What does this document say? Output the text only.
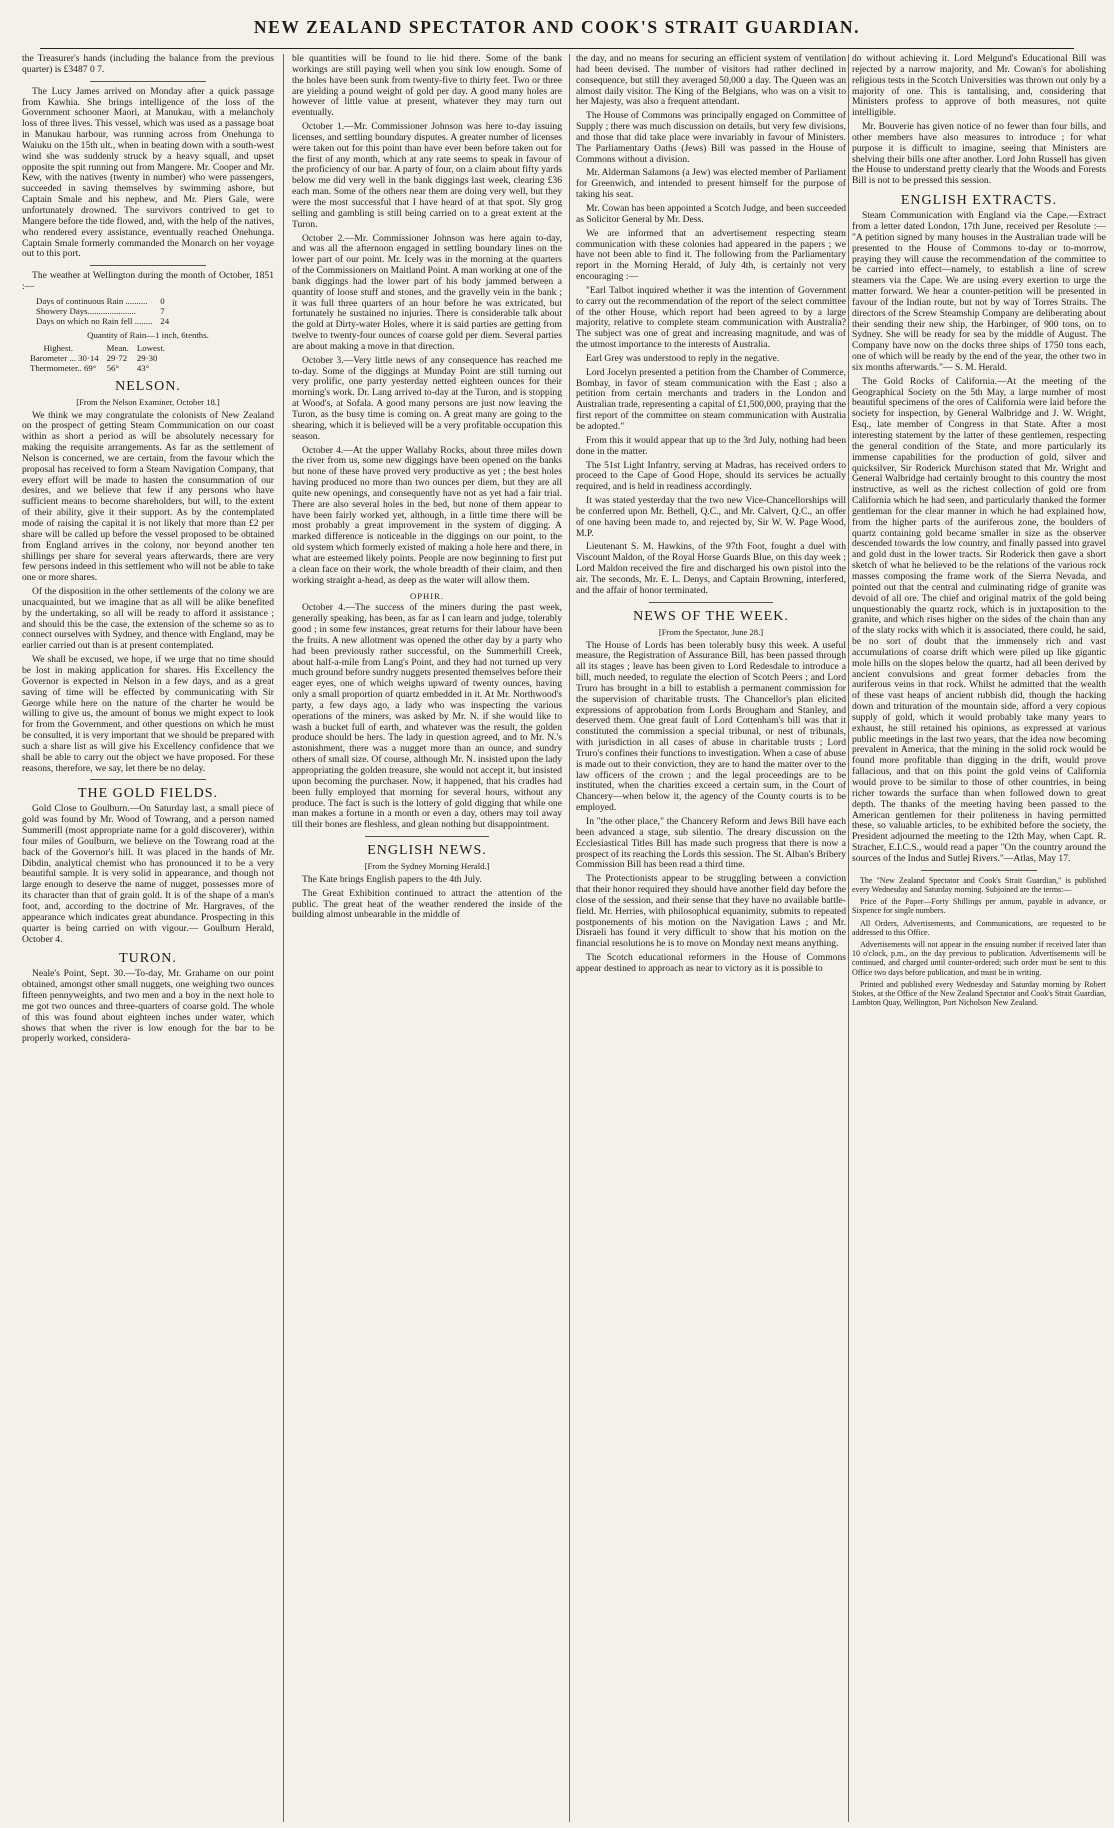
NEW ZEALAND SPECTATOR AND COOK'S STRAIT GUARDIAN.

the Treasurer's hands (including the balance from the previous quarter) is £3487 0 7.

The Lucy James arrived on Monday after a quick passage from Kawhia. She brings intelligence of the loss of the Government schooner Maori, at Manukau, with a melancholy loss of three lives. This vessel, which was used as a passage boat in Manukau harbour, was running across from Onehunga to Waiuku on the 15th ult., when in beating down with a south-west wind she was suddenly struck by a heavy squall, and upset opposite the spit running out from Mangere. Mr. Cooper and Mr. Kew, with the natives (twenty in number) who were passengers, succeeded in saving themselves by swimming ashore, but Captain Smale and his nephew, and Mr. Piers Gale, were unfortunately drowned. The survivors contrived to get to Mangere before the tide flowed, and, with the help of the natives, who rendered every assistance, eventually reached Onehunga. Captain Smale formerly commanded the Monarch on her voyage out to this port.

The weather at Wellington during the month of October, 1851 :—

Days of continuous Rain ..........	0
Showery Days......................	7
Days on which no Rain fell ........	24
Quantity of Rain—1 inch, 6tenths.
	Highest.	Mean.	Lowest.
Barometer ... 30·14		29·72	29·30
Thermometer.. 69°		56°	43°
NELSON.
[From the Nelson Examiner, October 18.]

We think we may congratulate the colonists of New Zealand on the prospect of getting Steam Communication on our coast within as short a period as will be absolutely necessary for making the requisite arrangements. As far as the settlement of Nelson is concerned, we are certain, from the favour which the proposal has received to form a Steam Navigation Company, that every effort will be made to hasten the consummation of our desires, and we believe that few if any persons who have sufficient means to become shareholders, but will, to the extent of their ability, give it their support. As by the contemplated mode of raising the capital it is not likely that more than £2 per share will be called up before the vessel proposed to be obtained from England arrives in the colony, nor beyond another ten shillings per share for several years afterwards, there are very few persons indeed in this settlement who will not be able to take one or more shares.

Of the disposition in the other settlements of the colony we are unacquainted, but we imagine that as all will be alike benefited by the undertaking, so all will be ready to afford it assistance ; and should this be the case, the extension of the scheme so as to connect ourselves with Sydney, and thence with England, may be earlier carried out than is at present contemplated.

We shall be excused, we hope, if we urge that no time should be lost in making application for shares. His Excellency the Governor is expected in Nelson in a few days, and as a great saving of time will be effected by communicating with Sir George while here on the nature of the charter he would be willing to give us, the amount of bonus we might expect to look for from the Government, and other questions on which he must be consulted, it is very important that we should be prepared with such a share list as will give his Excellency confidence that we shall be able to carry out the object we have proposed. For these reasons, therefore, we say, let there be no delay.

THE GOLD FIELDS.

Gold Close to Goulburn.—On Saturday last, a small piece of gold was found by Mr. Wood of Towrang, and a person named Summerill (most appropriate name for a gold discoverer), within four miles of Goulburn, we believe on the Towrang road at the back of the Governor's hill. It was placed in the hands of Mr. Dibdin, analytical chemist who has pronounced it to be a very beautiful sample. It is very solid in appearance, and though not large enough to deserve the name of nugget, possesses more of its character than that of grain gold. It is of the shape of a man's foot, and, according to the doctrine of Mr. Hargraves, of the appearance which indicates great abundance. Prospecting in this quarter is being carried on with vigour.— Goulburn Herald, October 4.

TURON.

Neale's Point, Sept. 30.—To-day, Mr. Grahame on our point obtained, amongst other small nuggets, one weighing two ounces fifteen pennyweights, and two men and a boy in the next hole to me got two ounces and three-quarters of coarse gold. The whole of this was found about eighteen inches under water, which shows that when the river is low enough for the bar to be properly worked, considera-

ble quantities will be found to lie hid there. Some of the bank workings are still paying well when you sink low enough. Some of the holes have been sunk from twenty-five to thirty feet. Two or three are yielding a pound weight of gold per day. A good many holes are however of little value at present, whatever they may turn out eventually.

October 1.—Mr. Commissioner Johnson was here to-day issuing licenses, and settling boundary disputes. A greater number of licenses were taken out for this point than have ever been before taken out for the first of any month, which at any rate seems to speak in favour of the proficiency of our bar. A party of four, on a claim about fifty yards below me did very well in the bank diggings last week, clearing £36 each man. Some of the others near them are doing very well, but they were the most successful that I have heard of at that spot. Sly grog selling and gambling is still being carried on to a great extent at the Turon.

October 2.—Mr. Commissioner Johnson was here again to-day, and was all the afternoon engaged in settling boundary lines on the lower part of our point. Mr. Icely was in the morning at the quarters of the Commissioners on Maitland Point. A man working at one of the bank diggings had the lower part of his body jammed between a quantity of loose stuff and stones, and the gravelly vein in the bank ; it was full three quarters of an hour before he was extricated, but fortunately he sustained no injuries. There is considerable talk about the gold at Dirty-water Holes, where it is said parties are getting from twelve to twenty-four ounces of coarse gold per diem. Several parties are about making a move in that direction.

October 3.—Very little news of any consequence has reached me to-day. Some of the diggings at Munday Point are still turning out very prolific, one party yesterday netted eighteen ounces for their morning's work. Dr. Lang arrived to-day at the Turon, and is stopping at Wood's, at Sofala. A good many persons are just now leaving the Turon, as the busy time is coming on. A great many are going to the shearing, which it is believed will be a very profitable occupation this season.

October 4.—At the upper Wallaby Rocks, about three miles down the river from us, some new diggings have been opened on the banks but none of these have proved very productive as yet ; the best holes having produced no more than two ounces per diem, but they are all quite new openings, and consequently have not as yet had a fair trial. There are also several holes in the bed, but none of them appear to have been fairly worked yet, although, in a little time there will be most probably a great improvement in the system of digging. A marked difference is noticeable in the diggings on our point, to the old system which formerly existed of making a hole here and there, in what are esteemed likely points. People are now beginning to first put a clean face on their work, the whole breadth of their claim, and then working straight a-head, as deep as the water will allow them.

OPHIR.

October 4.—The success of the miners during the past week, generally speaking, has been, as far as I can learn and judge, tolerably good ; in some few instances, great returns for their labour have been the fruits. A new allotment was opened the other day by a party who had been previously rather successful, on the Summerhill Creek, about half-a-mile from Lang's Point, and they had not turned up very much ground before sundry nuggets presented themselves before their eager eyes, one of which weighs upward of twenty ounces, having only a small proportion of quartz embedded in it. At Mr. Northwood's party, a few days ago, a lady who was inspecting the various operations of the miners, was asked by Mr. N. if she would like to wash a bucket full of earth, and whatever was the result, the golden produce should be hers. The lady in question agreed, and to Mr. N.'s astonishment, there was a nugget more than an ounce, and sundry others of small size. Of course, although Mr. N. insisted upon the lady appropriating the golden treasure, she would not accept it, but insisted upon becoming the purchaser. Now, it happened, that his cradles had been fully employed that morning for several hours, without any produce. The fact is such is the lottery of gold digging that while one man makes a fortune in a month or even a day, others may toil away till their bones are fleshless, and glean nothing but disappointment.

ENGLISH NEWS.
[From the Sydney Morning Herald.]

The Kate brings English papers to the 4th July.

The Great Exhibition continued to attract the attention of the public. The great heat of the weather rendered the inside of the building almost unbearable in the middle of

the day, and no means for securing an efficient system of ventilation had been devised. The number of visitors had rather declined in consequence, but still they averaged 50,000 a day. The Queen was an almost daily visitor. The King of the Belgians, who was on a visit to her Majesty, was also a frequent attendant.

The House of Commons was principally engaged on Committee of Supply ; there was much discussion on details, but very few divisions, and those that did take place were invariably in favour of Ministers. The Parliamentary Oaths (Jews) Bill was passed in the House of Commons without a division.

Mr. Alderman Salamons (a Jew) was elected member of Parliament for Greenwich, and intended to present himself for the purpose of taking his seat.

Mr. Cowan has been appointed a Scotch Judge, and been succeeded as Solicitor General by Mr. Dess.

We are informed that an advertisement respecting steam communication with these colonies had appeared in the papers ; we have not been able to find it. The following from the Parliamentary report in the Morning Herald, of July 4th, is certainly not very encouraging :—

"Earl Talbot inquired whether it was the intention of Government to carry out the recommendation of the report of the select committee of the other House, which report had been agreed to by a large majority, relative to complete steam communication with Australia? The subject was one of great and increasing magnitude, and was of the utmost importance to the interests of Australia.

Earl Grey was understood to reply in the negative.

Lord Jocelyn presented a petition from the Chamber of Commerce, Bombay, in favor of steam communication with the East ; also a petition from certain merchants and traders in the London and Australian trade, representing a capital of £1,500,000, praying that the first report of the committee on steam communication with Australia be adopted."

From this it would appear that up to the 3rd July, nothing had been done in the matter.

The 51st Light Infantry, serving at Madras, has received orders to proceed to the Cape of Good Hope, should its services be actually required, and is held in readiness accordingly.

It was stated yesterday that the two new Vice-Chancellorships will be conferred upon Mr. Bethell, Q.C., and Mr. Calvert, Q.C., an offer of one having been made to, and rejected by, Sir W. W. Page Wood, M.P.

Lieutenant S. M. Hawkins, of the 97th Foot, fought a duel with Viscount Maldon, of the Royal Horse Guards Blue, on this day week ; Lord Maldon received the fire and discharged his own pistol into the air. The seconds, Mr. E. L. Denys, and Captain Browning, interfered, and the affair of honor terminated.

NEWS OF THE WEEK.
[From the Spectator, June 28.]

The House of Lords has been tolerably busy this week. A useful measure, the Registration of Assurance Bill, has been passed through all its stages ; leave has been given to Lord Redesdale to introduce a bill, much needed, to regulate the election of Scotch Peers ; and Lord Truro has brought in a bill to establish a permanent commission for the supervision of charitable trusts. The Chancellor's plan elicited expressions of approbation from Lords Brougham and Stanley, and deserved them. One great fault of Lord Cottenham's bill was that it constituted the commission a special tribunal, or nest of tribunals, with jurisdiction in all cases of abuse in charitable trusts ; Lord Truro's confines their functions to investigation. When a case of abuse is made out to their conviction, they are to hand the matter over to the law officers of the crown ; and the legal proceedings are to be instituted, when the charities exceed a certain sum, in the Court of Chancery—when below it, the agency of the County courts is to be employed.

In "the other place," the Chancery Reform and Jews Bill have each been advanced a stage, sub silentio. The dreary discussion on the Ecclesiastical Titles Bill has made such progress that there is now a prospect of its reaching the Lords this session. The St. Alban's Bribery Commission Bill has been read a third time.

The Protectionists appear to be struggling between a conviction that their honor required they should have another field day before the close of the session, and their sense that they have no available battle-field. Mr. Herries, with philosophical equanimity, submits to repeated postponements of his motion on the Navigation Laws ; and Mr. Disraeli has found it very difficult to show that his motion on the financial resolutions he is to move on Monday next means anything.

The Scotch educational reformers in the House of Commons appear destined to approach as near to victory as it is possible to

do without achieving it. Lord Melgund's Educational Bill was rejected by a narrow majority, and Mr. Cowan's for abolishing religious tests in the Scotch Universities was thrown out only by a majority of one. This is tantalising, and, considering that Ministers profess to approve of both measures, not quite intelligible.

Mr. Bouverie has given notice of no fewer than four bills, and other members have also measures to introduce ; for what purpose it is difficult to imagine, seeing that Ministers are shelving their bills one after another. Lord John Russell has given the House to understand pretty clearly that the Woods and Forests Bill is not to be pressed this session.

ENGLISH EXTRACTS.

Steam Communication with England via the Cape.—Extract from a letter dated London, 17th June, received per Resolute :— "A petition signed by many houses in the Australian trade will be presented to the House of Commons to-day or to-morrow, praying they will cause the recommendation of the committee to be carried into effect—namely, to establish a line of screw steamers via the Cape. We are using every exertion to urge the matter forward. We hear a counter-petition will be presented in favour of the Indian route, but not by way of Torres Straits. The directors of the Screw Steamship Company are deliberating about their sending their new ship, the Harbinger, of 900 tons, on to Sydney. She will be ready for sea by the middle of August. The Company have now on the docks three ships of 1750 tons each, one of which will be ready by the end of the year, the other two in six months afterwards."— S. M. Herald.

The Gold Rocks of California.—At the meeting of the Geographical Society on the 5th May, a large number of most beautiful specimens of the ores of California were laid before the society for inspection, by General Walbridge and J. W. Wright, Esq., late member of Congress in that State. After a most interesting statement by the latter of these gentlemen, respecting the general condition of the State, and more particularly its immense capabilities for the production of gold, silver and quicksilver, Sir Roderick Murchison stated that Mr. Wright and General Walbridge had certainly brought to this country the most instructive, as well as the richest collection of gold ore from California which he had seen, and particularly thanked the former gentleman for the clear manner in which he had explained how, from the higher parts of the auriferous zone, the boulders of quartz containing gold became smaller in size as the observer descended towards the low country, and finally passed into gravel and gold dust in the lower tracts. Sir Roderick then gave a short sketch of what he believed to be the relations of the various rock masses composing the frame work of the Sierra Nevada, and pointed out that the central and culminating ridge of granite was devoid of all ore. The chief and original matrix of the gold being unquestionably the quartz rock, which is in juxtaposition to the granite, and which rises higher on the sides of the chain than any of the slaty rocks with which it is associated, there could, he said, be no sort of doubt that the immensely rich and vast accumulations of coarse drift which were piled up like gigantic mole hills on the slopes below the quartz, had all been derived by ancient convulsions and great former debacles from the auriferous veins in that rock. Whilst he admitted that the wealth of these vast heaps of ancient rubbish did, though the hacking down and trituration of the mountain side, afford a very copious supply of gold, which it would probably take many years to exhaust, he still retained his opinions, as expressed at various public meetings in the last two years, that the idea now becoming prevalent in America, that the mining in the solid rock would be found more profitable than digging in the drift, would prove fallacious, and that on this point the gold veins of California would prove to be similar to those of other countries, in being richer towards the surface than when followed down to great depth. The thanks of the meeting having been passed to the American gentlemen for their politeness in having permitted these, so valuable articles, to be exhibited before the society, the President adjourned the meeting to the 12th May, when Capt. R. Stracher, E.I.C.S., would read a paper "On the country around the sources of the Indus and Sutlej Rivers."—Atlas, May 17.

The "New Zealand Spectator and Cook's Strait Guardian," is published every Wednesday and Saturday morning. Subjoined are the terms:—

Price of the Paper—Forty Shillings per annum, payable in advance, or Sixpence for single numbers.

All Orders, Advertisements, and Communications, are requested to be addressed to this Office.

Advertisements will not appear in the ensuing number if received later than 10 o'clock, p.m., on the day previous to publication. Advertisements will be continued, and charged until counter-ordered; such order must be sent to this Office two days before publication, and must be in writing.

Printed and published every Wednesday and Saturday morning by Robert Stokes, at the Office of the New Zealand Spectator and Cook's Strait Guardian, Lambton Quay, Wellington, Port Nicholson New Zealand.
